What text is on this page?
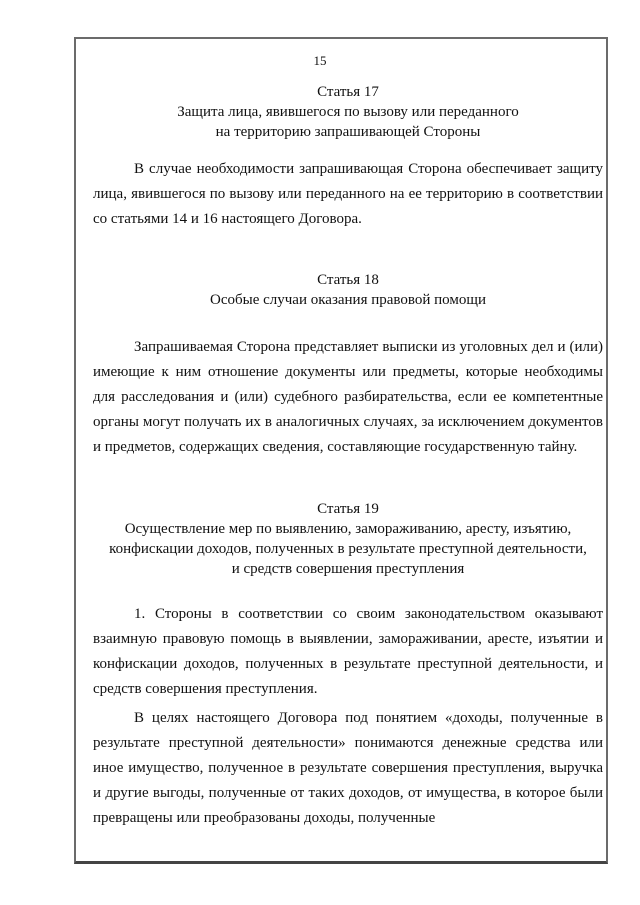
15
Статья 17
Защита лица, явившегося по вызову или переданного
на территорию запрашивающей Стороны

В случае необходимости запрашивающая Сторона обеспечивает защиту лица, явившегося по вызову или переданного на ее территорию в соответствии со статьями 14 и 16 настоящего Договора.

Статья 18
Особые случаи оказания правовой помощи

Запрашиваемая Сторона представляет выписки из уголовных дел и (или) имеющие к ним отношение документы или предметы, которые необходимы для расследования и (или) судебного разбирательства, если ее компетентные органы могут получать их в аналогичных случаях, за исключением документов и предметов, содержащих сведения, составляющие государственную тайну.

Статья 19
Осуществление мер по выявлению, замораживанию, аресту, изъятию,
конфискации доходов, полученных в результате преступной деятельности,
и средств совершения преступления

1. Стороны в соответствии со своим законодательством оказывают взаимную правовую помощь в выявлении, замораживании, аресте, изъятии и конфискации доходов, полученных в результате преступной деятельности, и средств совершения преступления.

В целях настоящего Договора под понятием «доходы, полученные в результате преступной деятельности» понимаются денежные средства или иное имущество, полученное в результате совершения преступления, выручка и другие выгоды, полученные от таких доходов, от имущества, в которое были превращены или преобразованы доходы, полученные
